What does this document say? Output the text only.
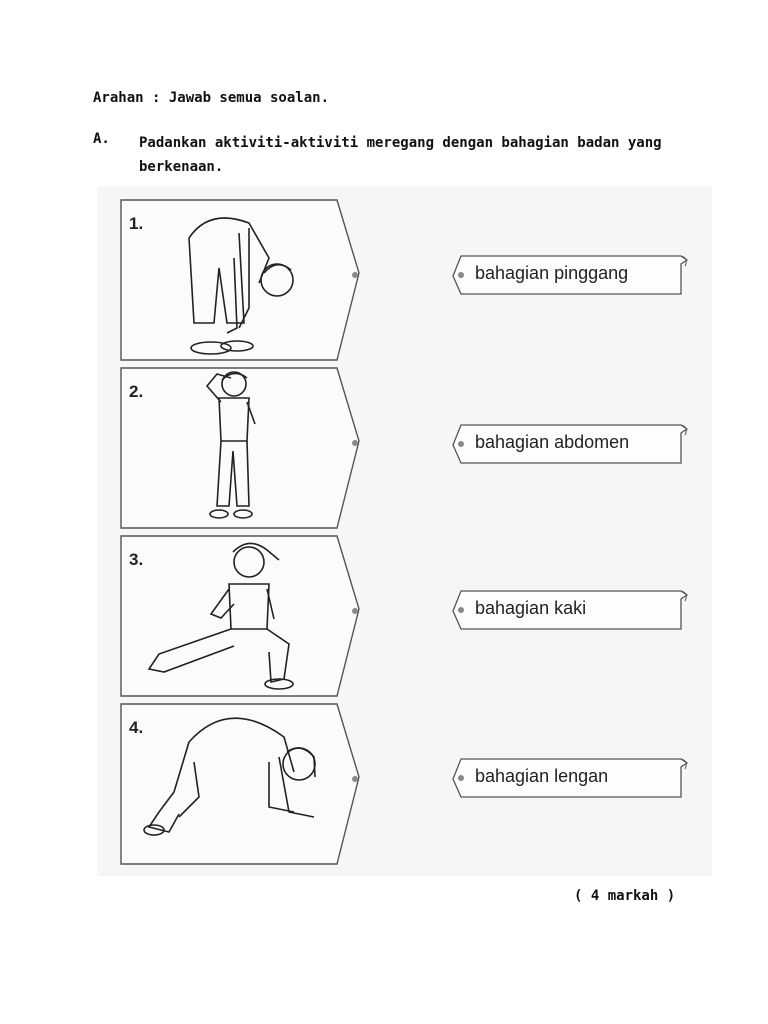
Arahan : Jawab semua soalan.
A. Padankan aktiviti-aktiviti meregang dengan bahagian badan yang berkenaan.
1.
2.
3.
4.
bahagian pinggang
bahagian abdomen
bahagian kaki
bahagian lengan
( 4 markah )
